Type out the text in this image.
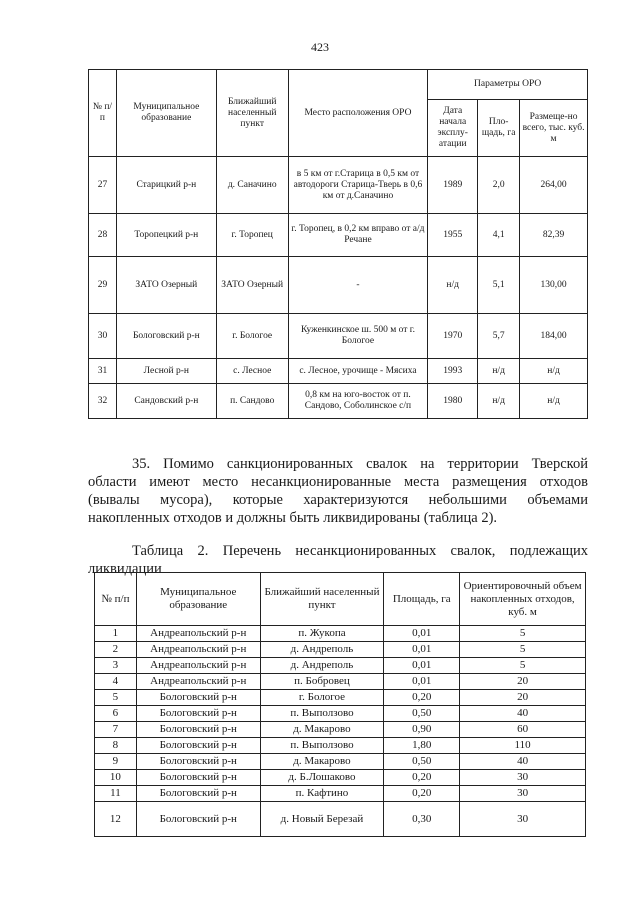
423
№ п/п	Муниципальное образование	Ближайший населенный пункт	Место расположения ОРО	Параметры ОРО		
				Дата начала эксплу-атации	Пло-щадь, га	Размеще-но всего, тыс. куб. м
27	Старицкий р-н	д. Саначино	в 5 км от г.Старица в 0,5 км от автодороги Старица-Тверь в 0,6 км от д.Саначино	1989	2,0	264,00
28	Торопецкий р-н	г. Торопец	г. Торопец, в 0,2 км вправо от а/д Речане	1955	4,1	82,39
29	ЗАТО Озерный	ЗАТО Озерный	-	н/д	5,1	130,00
30	Бологовский р-н	г. Бологое	Куженкинское ш. 500 м от г. Бологое	1970	5,7	184,00
31	Лесной р-н	с. Лесное	с. Лесное, урочище - Мясиха	1993	н/д	н/д
32	Сандовский р-н	п. Сандово	0,8 км на юго-восток от п. Сандово, Соболинское с/п	1980	н/д	н/д
35. Помимо санкционированных свалок на территории Тверской
области имеют место несанкционированные места размещения отходов
(вывалы мусора), которые характеризуются небольшими объемами
накопленных отходов и должны быть ликвидированы (таблица 2).
Таблица 2. Перечень несанкционированных свалок, подлежащих
ликвидации
№ п/п	Муниципальное образование	Ближайший населенный пункт	Площадь, га	Ориентировочный объем накопленных отходов, куб. м
1	Андреапольский р-н	п. Жукопа	0,01	5
2	Андреапольский р-н	д. Андреполь	0,01	5
3	Андреапольский р-н	д. Андреполь	0,01	5
4	Андреапольский р-н	п. Бобровец	0,01	20
5	Бологовский р-н	г. Бологое	0,20	20
6	Бологовский р-н	п. Выползово	0,50	40
7	Бологовский р-н	д. Макарово	0,90	60
8	Бологовский р-н	п. Выползово	1,80	110
9	Бологовский р-н	д. Макарово	0,50	40
10	Бологовский р-н	д. Б.Лошаково	0,20	30
11	Бологовский р-н	п. Кафтино	0,20	30
12	Бологовский р-н	д. Новый Березай	0,30	30
